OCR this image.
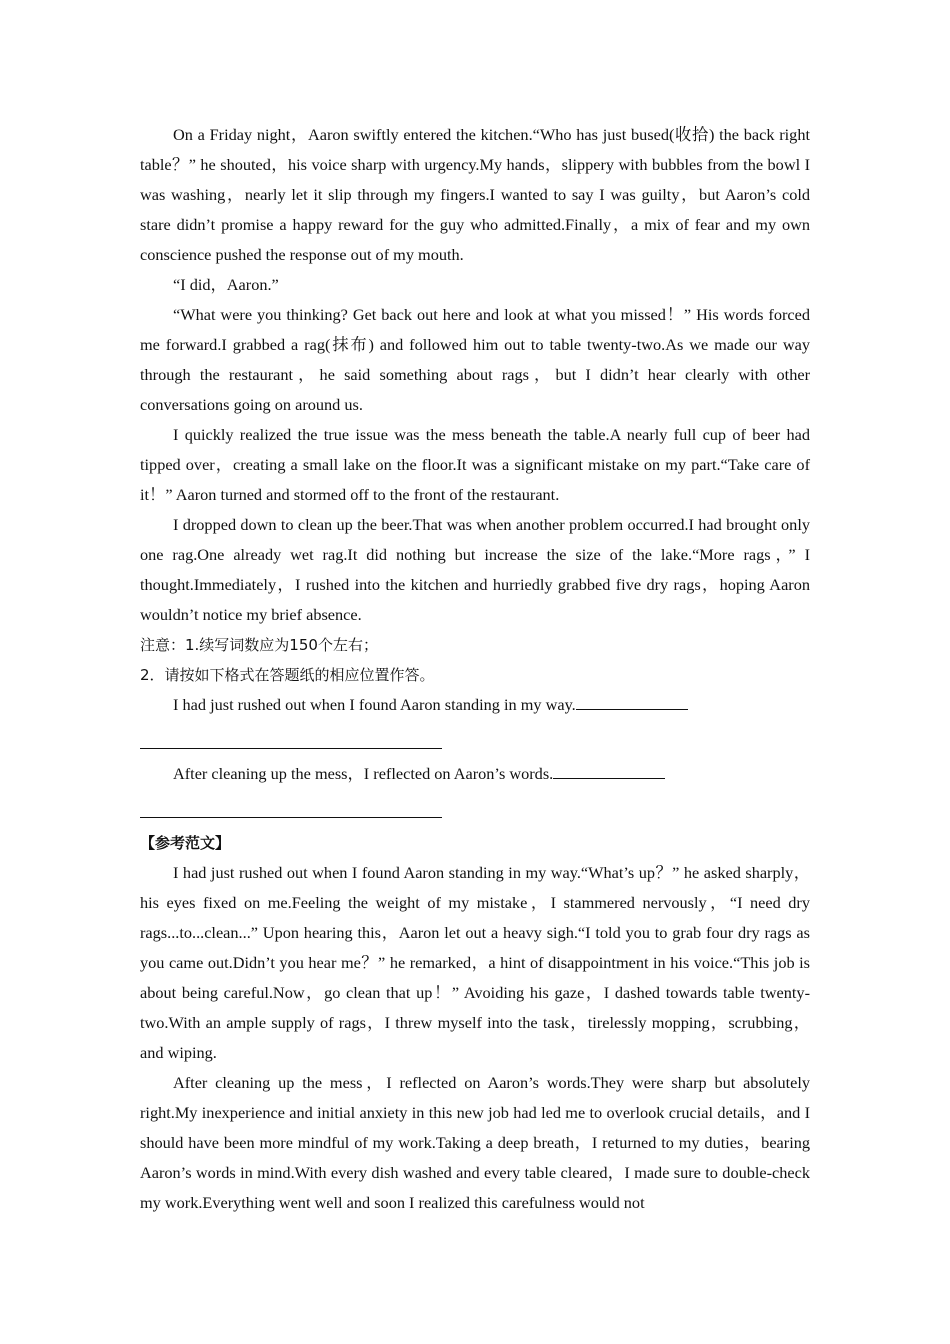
On a Friday night，Aaron swiftly entered the kitchen.“Who has just bused(收拾) the back right table？” he shouted，his voice sharp with urgency.My hands，slippery with bubbles from the bowl I was washing，nearly let it slip through my fingers.I wanted to say I was guilty，but Aaron’s cold stare didn’t promise a happy reward for the guy who admitted.Finally，a mix of fear and my own conscience pushed the response out of my mouth.

“I did，Aaron.”

“What were you thinking? Get back out here and look at what you missed！” His words forced me forward.I grabbed a rag(抹布) and followed him out to table twenty-two.As we made our way through the restaurant，he said something about rags，but I didn’t hear clearly with other conversations going on around us.

I quickly realized the true issue was the mess beneath the table.A nearly full cup of beer had tipped over，creating a small lake on the floor.It was a significant mistake on my part.“Take care of it！” Aaron turned and stormed off to the front of the restaurant.

I dropped down to clean up the beer.That was when another problem occurred.I had brought only one rag.One already wet rag.It did nothing but increase the size of the lake.“More rags，” I thought.Immediately，I rushed into the kitchen and hurriedly grabbed five dry rags，hoping Aaron wouldn’t notice my brief absence.

注意：1.续写词数应为150个左右；

2．请按如下格式在答题纸的相应位置作答。

I had just rushed out when I found Aaron standing in my way.

After cleaning up the mess，I reflected on Aaron’s words.

【参考范文】

I had just rushed out when I found Aaron standing in my way.“What’s up？” he asked sharply，his eyes fixed on me.Feeling the weight of my mistake，I stammered nervously，“I need dry rags...to...clean...” Upon hearing this，Aaron let out a heavy sigh.“I told you to grab four dry rags as you came out.Didn’t you hear me？” he remarked，a hint of disappointment in his voice.“This job is about being careful.Now，go clean that up！” Avoiding his gaze，I dashed towards table twenty-two.With an ample supply of rags，I threw myself into the task，tirelessly mopping，scrubbing，and wiping.

After cleaning up the mess，I reflected on Aaron’s words.They were sharp but absolutely right.My inexperience and initial anxiety in this new job had led me to overlook crucial details，and I should have been more mindful of my work.Taking a deep breath，I returned to my duties，bearing Aaron’s words in mind.With every dish washed and every table cleared，I made sure to double-check my work.Everything went well and soon I realized this carefulness would not
